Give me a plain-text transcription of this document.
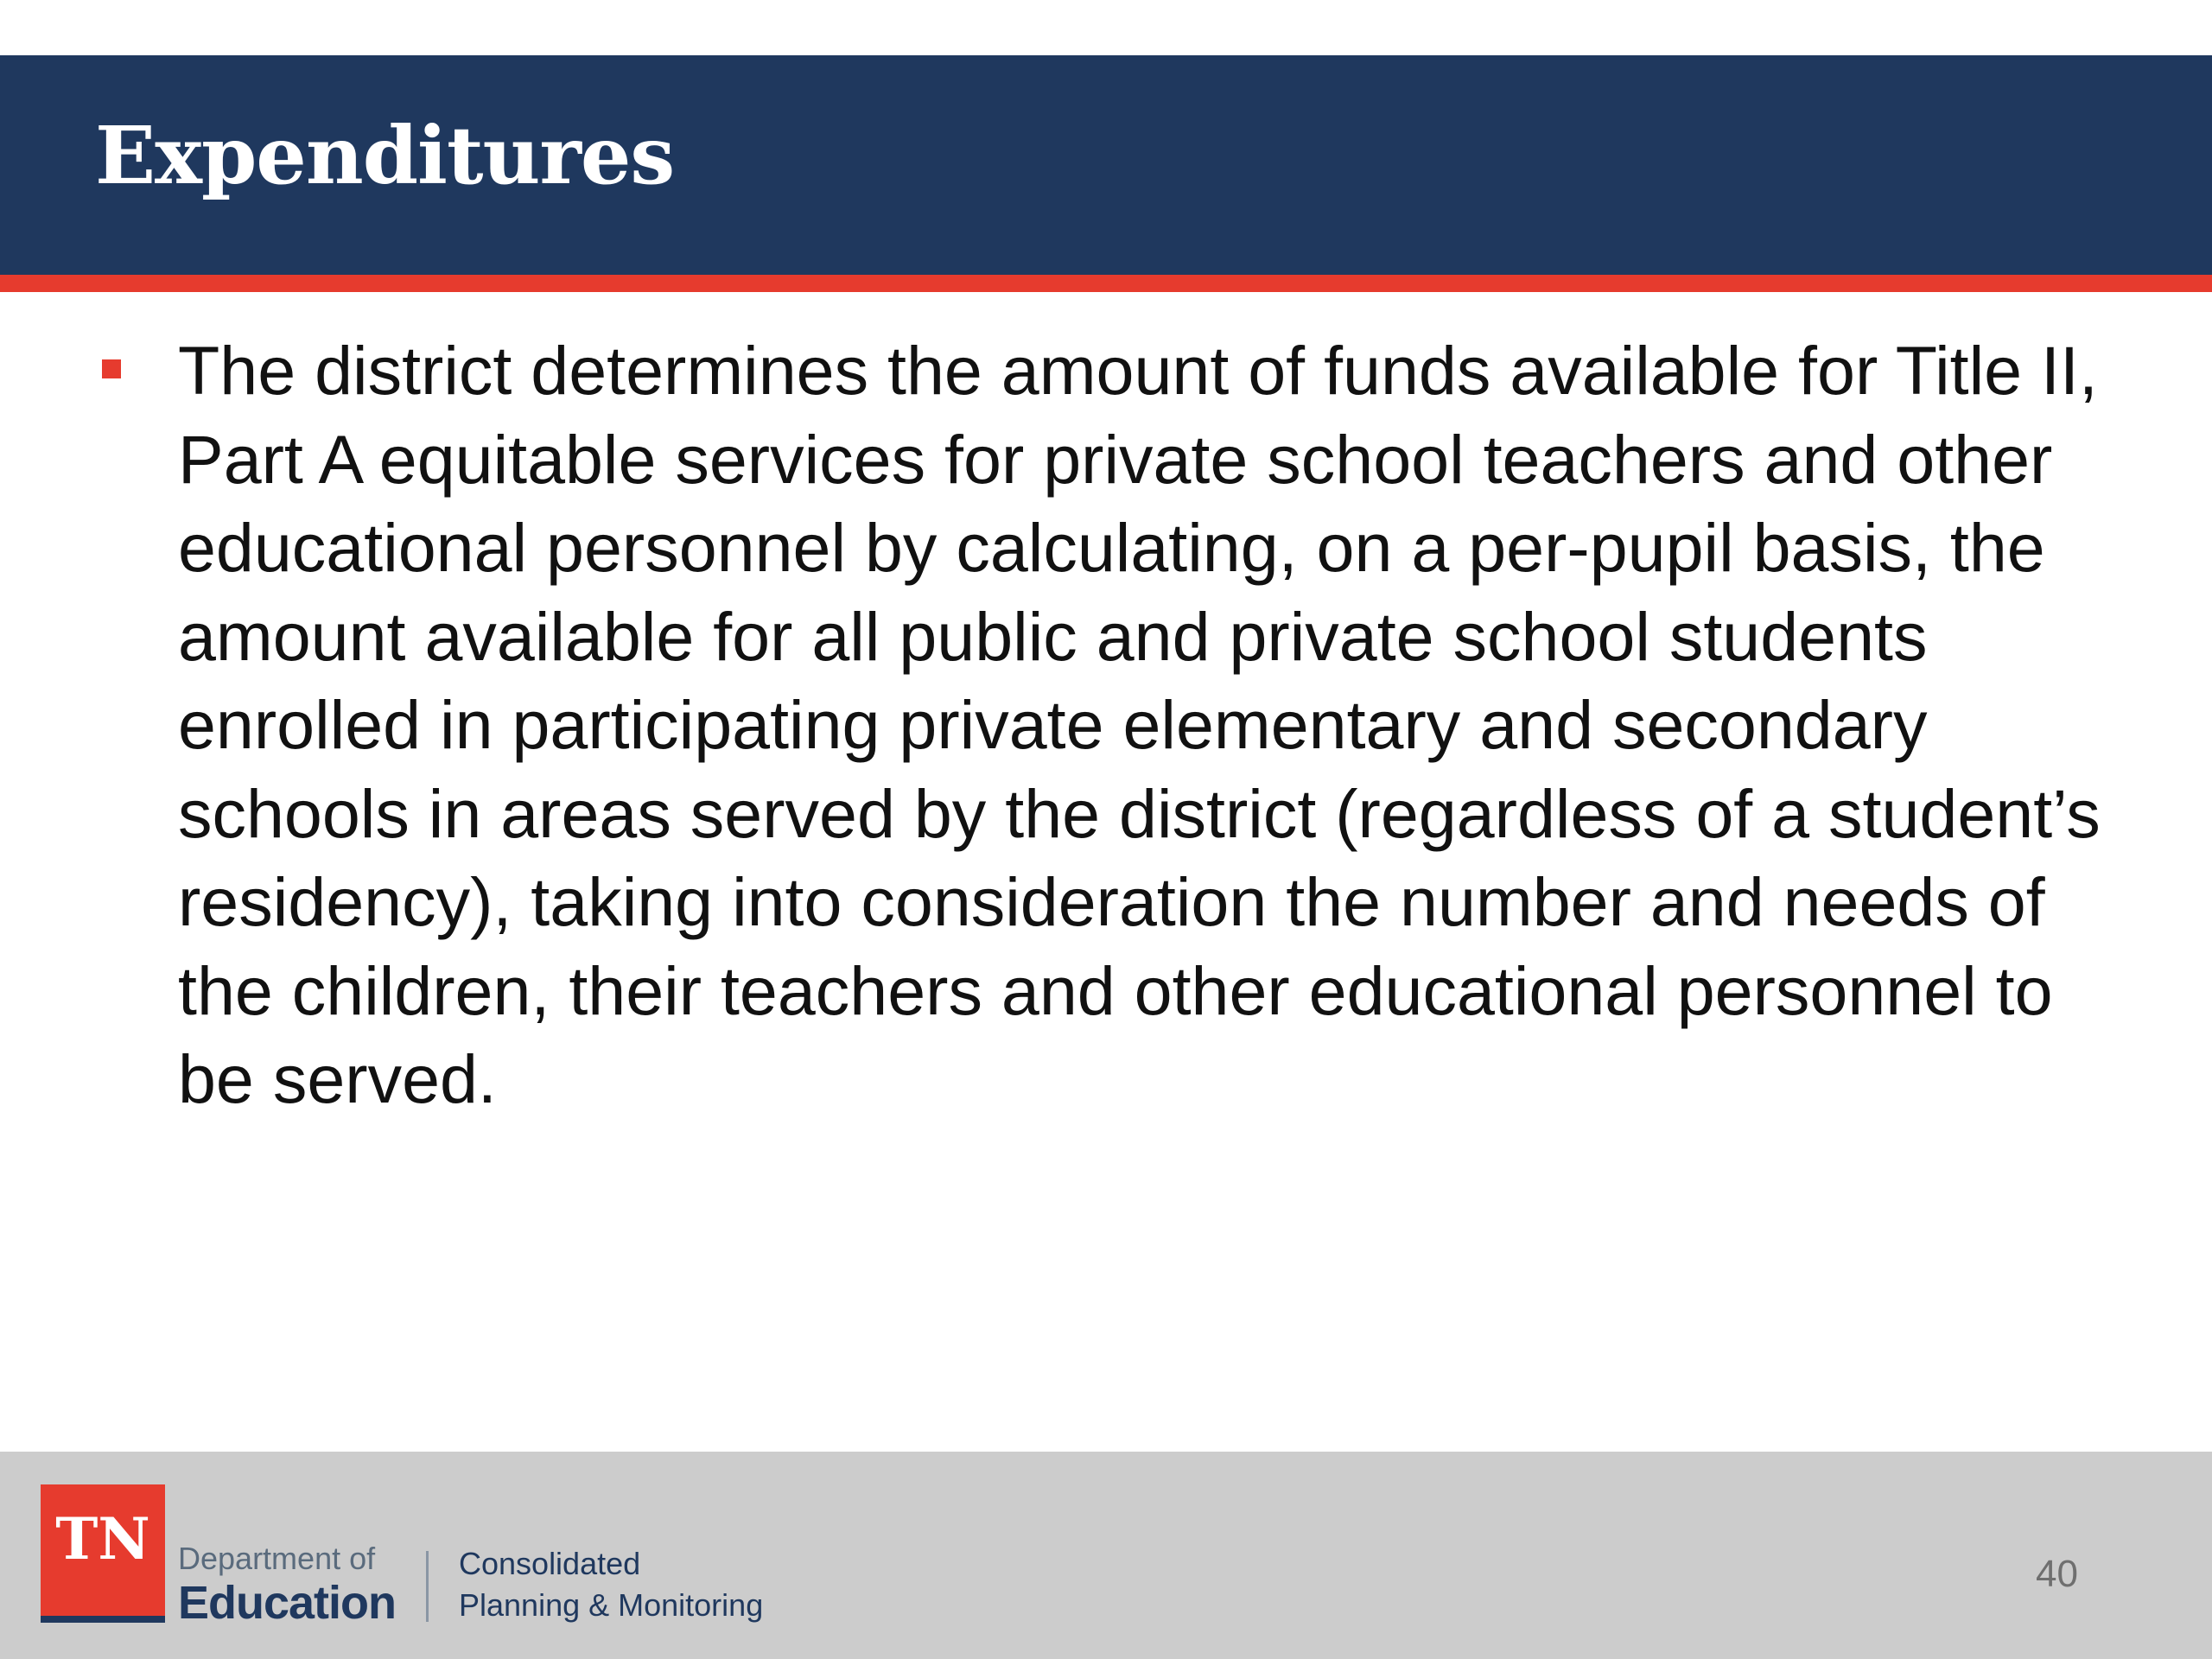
Expenditures
The district determines the amount of funds available for Title II, Part A equitable services for private school teachers and other educational personnel by calculating, on a per-pupil basis, the amount available for all public and private school students enrolled in participating private elementary and secondary schools in areas served by the district (regardless of a student’s residency), taking into consideration the number and needs of the children, their teachers and other educational personnel to be served.
TN Department of
Education
Consolidated
Planning & Monitoring
40
